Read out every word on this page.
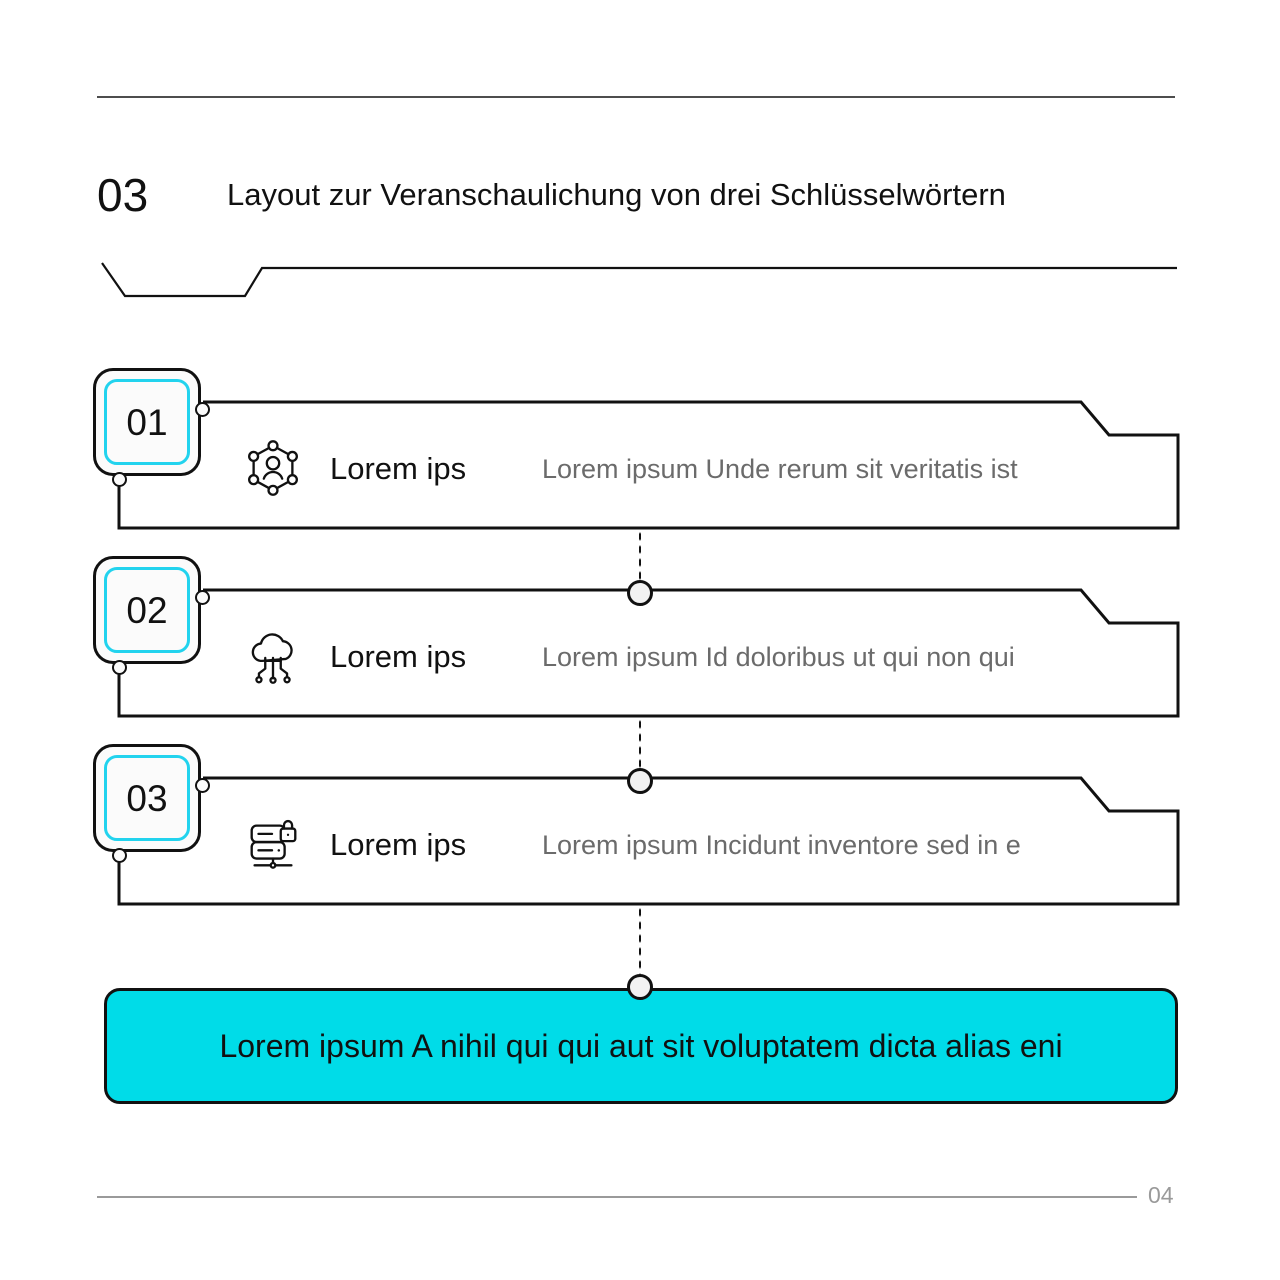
03	Layout zur Veranschaulichung von drei Schlüsselwörtern
01
Lorem ips	Lorem ipsum Unde rerum sit veritatis ist
02
Lorem ips	Lorem ipsum Id doloribus ut qui non qui
03
Lorem ips	Lorem ipsum Incidunt inventore sed in e
Lorem ipsum A nihil qui qui aut sit voluptatem dicta alias eni
04
